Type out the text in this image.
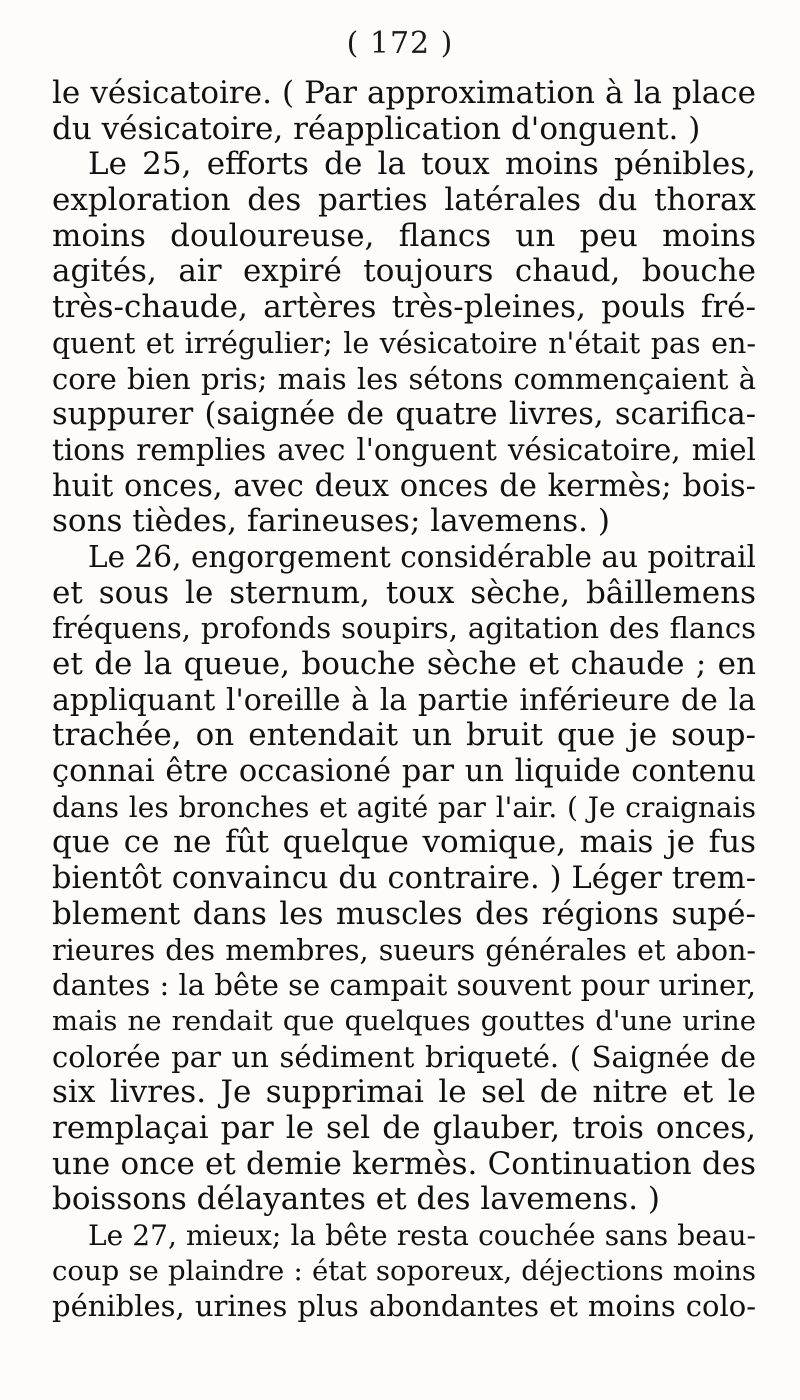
( 172 )
le vésicatoire. ( Par approximation à la place
du vésicatoire, réapplication d'onguent. )
Le 25, efforts de la toux moins pénibles,
exploration des parties latérales du thorax
moins douloureuse, flancs un peu moins
agités, air expiré toujours chaud, bouche
très-chaude, artères très-pleines, pouls fré-
quent et irrégulier; le vésicatoire n'était pas en-
core bien pris; mais les sétons commençaient à
suppurer (saignée de quatre livres, scarifica-
tions remplies avec l'onguent vésicatoire, miel
huit onces, avec deux onces de kermès; bois-
sons tièdes, farineuses; lavemens. )
Le 26, engorgement considérable au poitrail
et sous le sternum, toux sèche, bâillemens
fréquens, profonds soupirs, agitation des flancs
et de la queue, bouche sèche et chaude ; en
appliquant l'oreille à la partie inférieure de la
trachée, on entendait un bruit que je soup-
çonnai être occasioné par un liquide contenu
dans les bronches et agité par l'air. ( Je craignais
que ce ne fût quelque vomique, mais je fus
bientôt convaincu du contraire. ) Léger trem-
blement dans les muscles des régions supé-
rieures des membres, sueurs générales et abon-
dantes : la bête se campait souvent pour uriner,
mais ne rendait que quelques gouttes d'une urine
colorée par un sédiment briqueté. ( Saignée de
six livres. Je supprimai le sel de nitre et le
remplaçai par le sel de glauber, trois onces,
une once et demie kermès. Continuation des
boissons délayantes et des lavemens. )
Le 27, mieux; la bête resta couchée sans beau-
coup se plaindre : état soporeux, déjections moins
pénibles, urines plus abondantes et moins colo-
